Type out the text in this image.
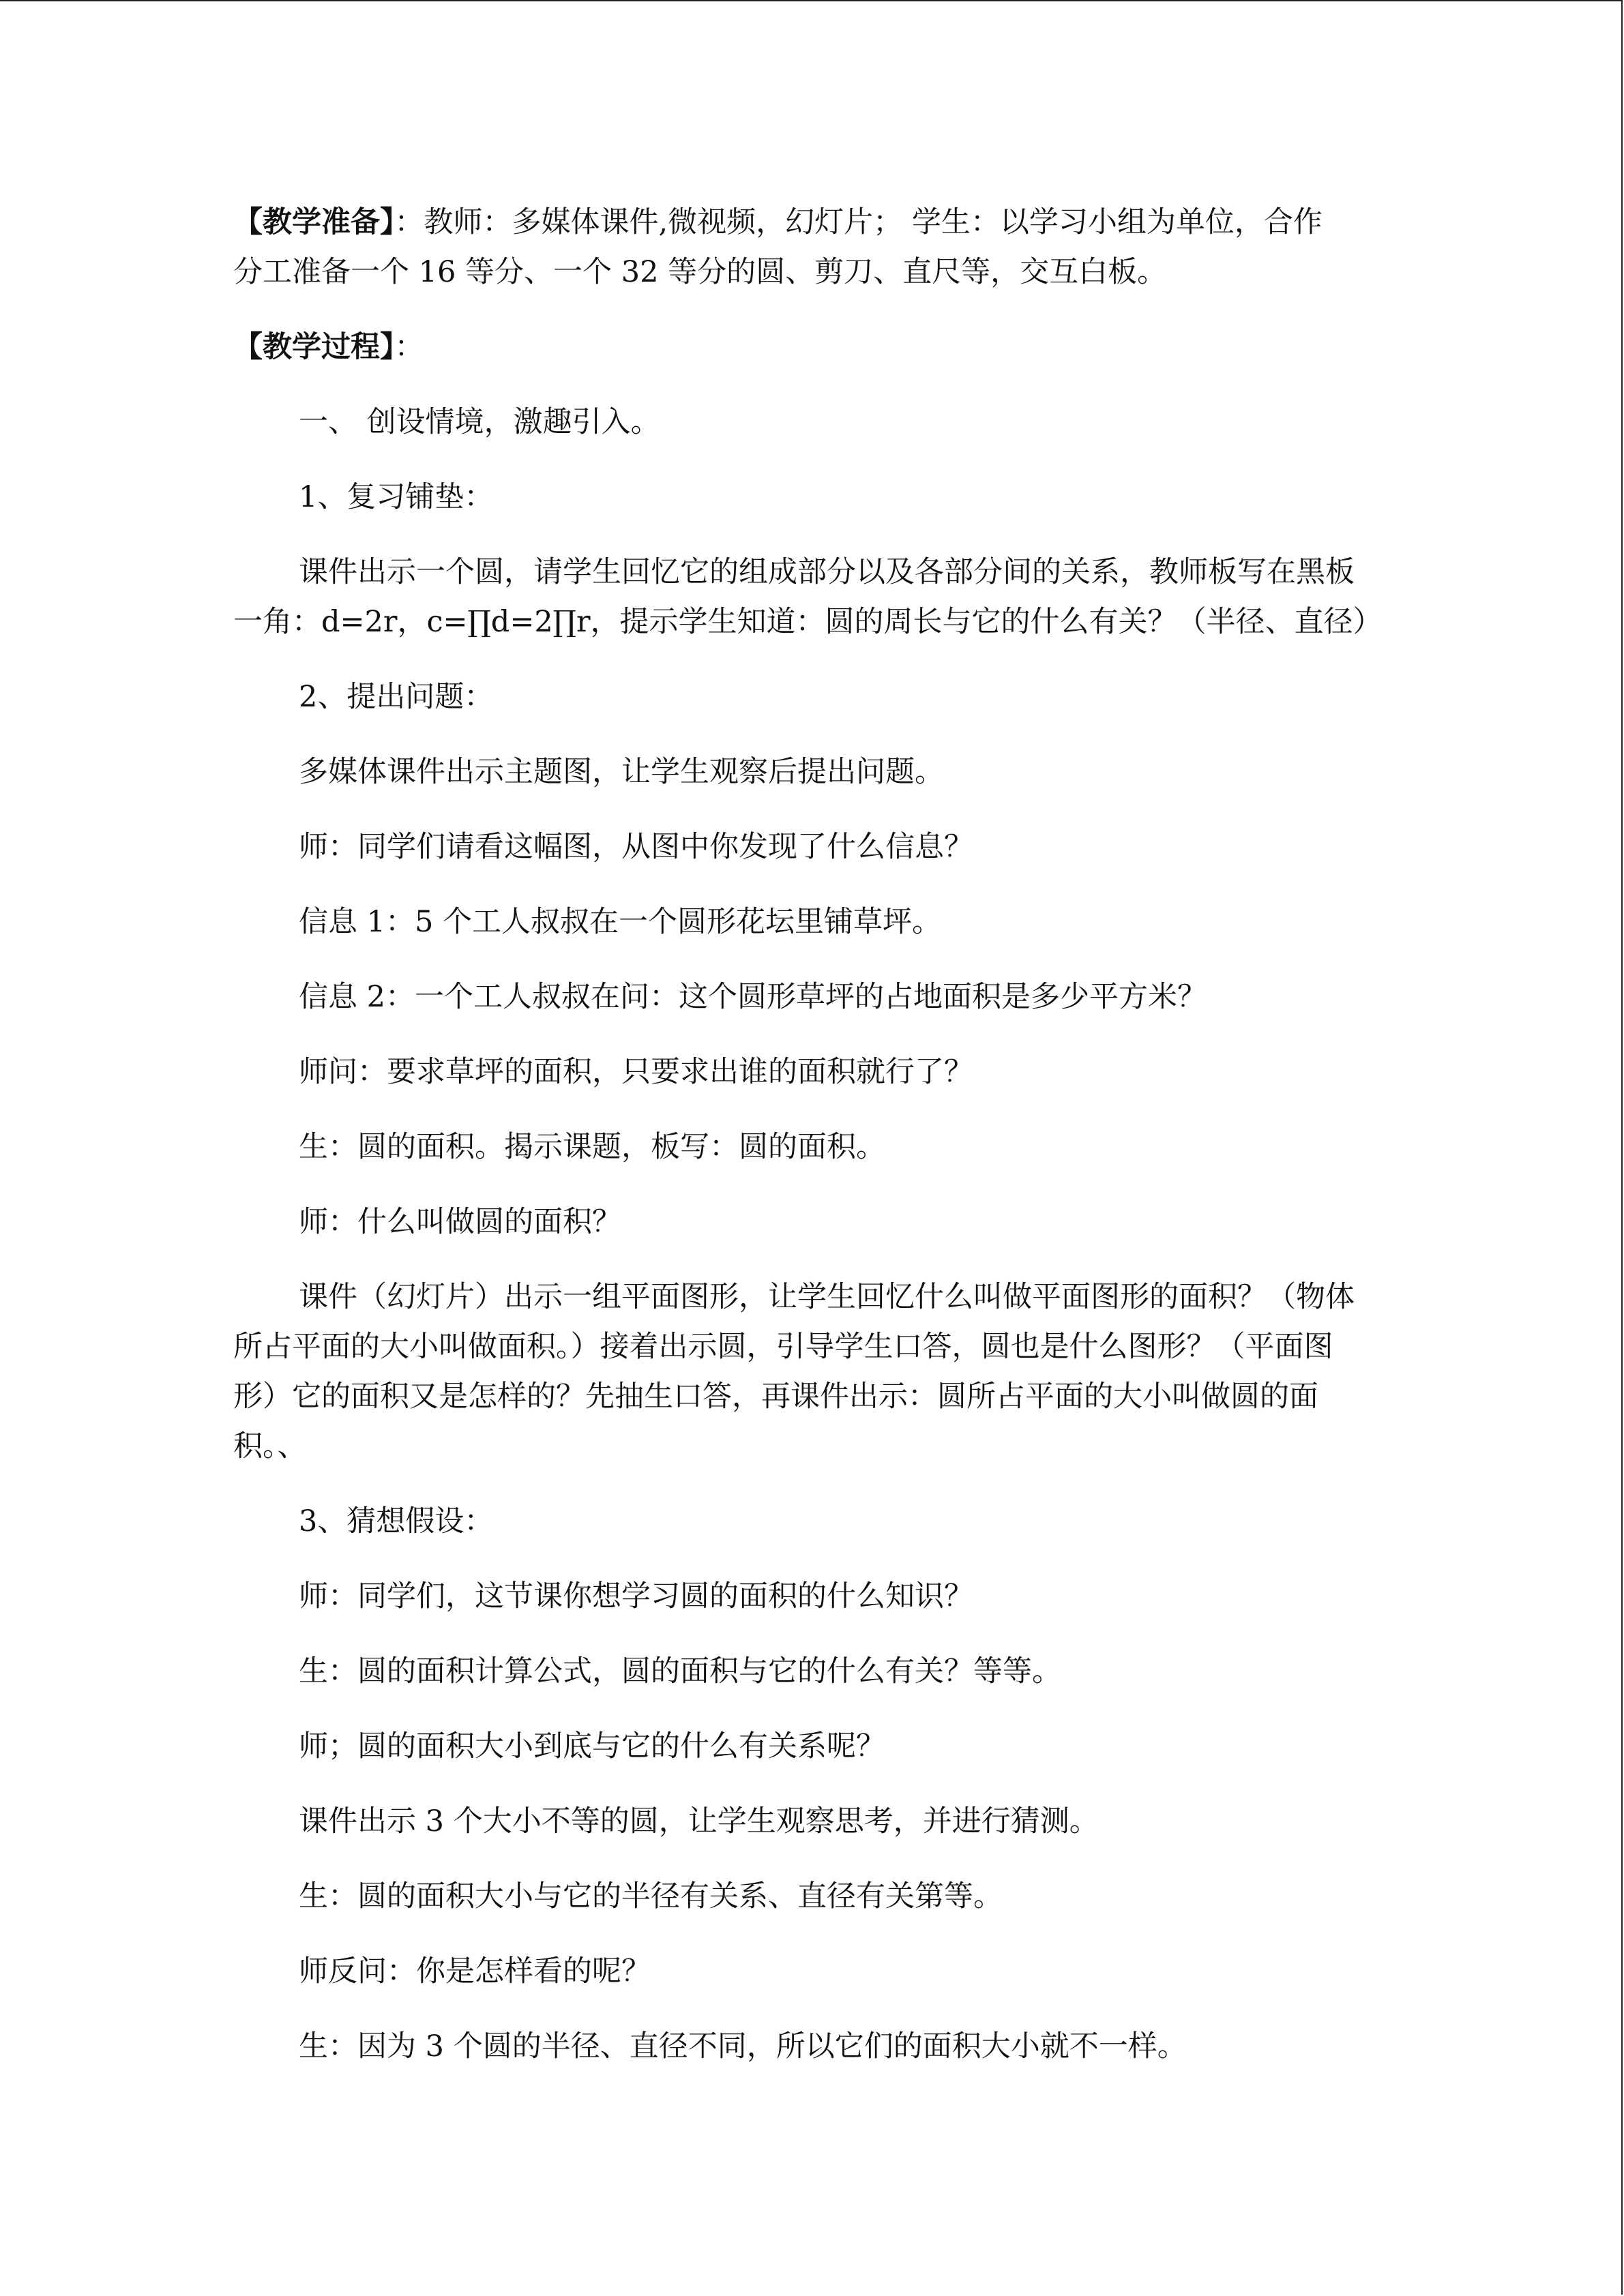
【教学准备】：教师：多媒体课件,微视频，幻灯片； 学生：以学习小组为单位，合作

分工准备一个 16 等分、一个 32 等分的圆、剪刀、直尺等，交互白板。

【教学过程】：

一、 创设情境，激趣引入。

1、复习铺垫：

课件出示一个圆，请学生回忆它的组成部分以及各部分间的关系，教师板写在黑板

一角：d=2r，c=∏d=2∏r，提示学生知道：圆的周长与它的什么有关？（半径、直径）

2、提出问题：

多媒体课件出示主题图，让学生观察后提出问题。

师：同学们请看这幅图，从图中你发现了什么信息？

信息 1：5 个工人叔叔在一个圆形花坛里铺草坪。

信息 2：一个工人叔叔在问：这个圆形草坪的占地面积是多少平方米？

师问：要求草坪的面积，只要求出谁的面积就行了？

生：圆的面积。揭示课题，板写：圆的面积。

师：什么叫做圆的面积？

课件（幻灯片）出示一组平面图形，让学生回忆什么叫做平面图形的面积？（物体

所占平面的大小叫做面积。）接着出示圆，引导学生口答，圆也是什么图形？（平面图

形）它的面积又是怎样的？先抽生口答，再课件出示：圆所占平面的大小叫做圆的面

积。、

3、猜想假设：

师：同学们，这节课你想学习圆的面积的什么知识？

生：圆的面积计算公式，圆的面积与它的什么有关？等等。

师；圆的面积大小到底与它的什么有关系呢？

课件出示 3 个大小不等的圆，让学生观察思考，并进行猜测。

生：圆的面积大小与它的半径有关系、直径有关第等。

师反问：你是怎样看的呢？

生：因为 3 个圆的半径、直径不同，所以它们的面积大小就不一样。
